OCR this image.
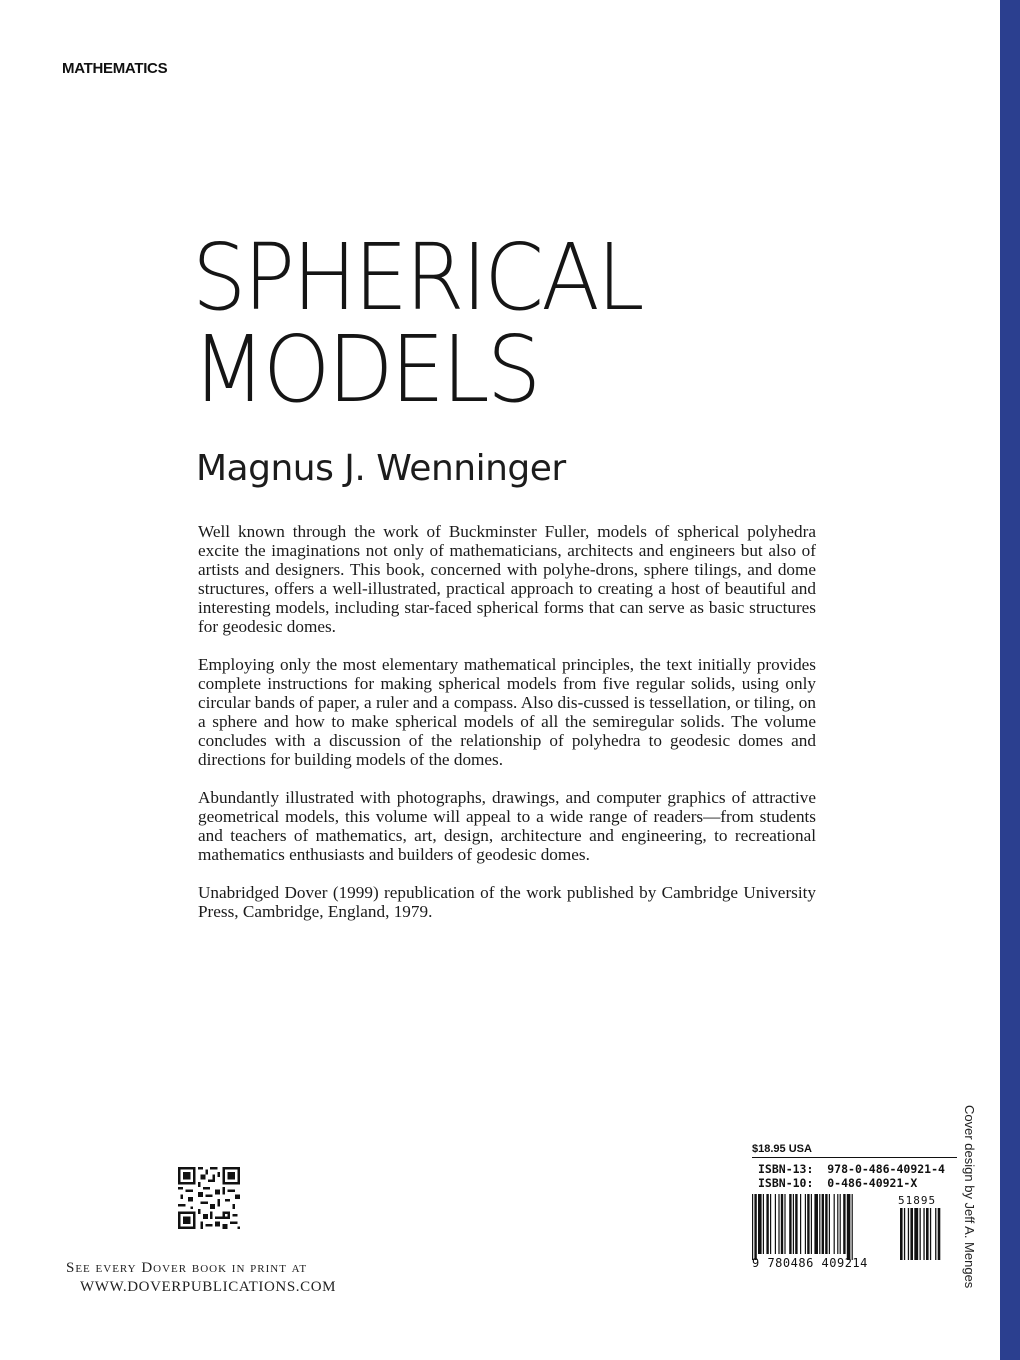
MATHEMATICS
SPHERICAL
MODELS
Magnus J. Wenninger

Well known through the work of Buckminster Fuller, models of spherical polyhedra excite the imaginations not only of mathematicians, architects and engineers but also of artists and designers. This book, concerned with polyhe-drons, sphere tilings, and dome structures, offers a well-illustrated, practical approach to creating a host of beautiful and interesting models, including star-faced spherical forms that can serve as basic structures for geodesic domes.

Employing only the most elementary mathematical principles, the text initially provides complete instructions for making spherical models from five regular solids, using only circular bands of paper, a ruler and a compass. Also dis-cussed is tessellation, or tiling, on a sphere and how to make spherical models of all the semiregular solids. The volume concludes with a discussion of the relationship of polyhedra to geodesic domes and directions for building models of the domes.

Abundantly illustrated with photographs, drawings, and computer graphics of attractive geometrical models, this volume will appeal to a wide range of readers—from students and teachers of mathematics, art, design, architecture and engineering, to recreational mathematics enthusiasts and builders of geodesic domes.

Unabridged Dover (1999) republication of the work published by Cambridge University Press, Cambridge, England, 1979.

Cover design by Jeff A. Menges
See every Dover book in print at
WWW.DOVERPUBLICATIONS.COM
$18.95 USA
ISBN-13: 978-0-486-40921-4
ISBN-10: 0-486-40921-X
51895
9 780486 409214
